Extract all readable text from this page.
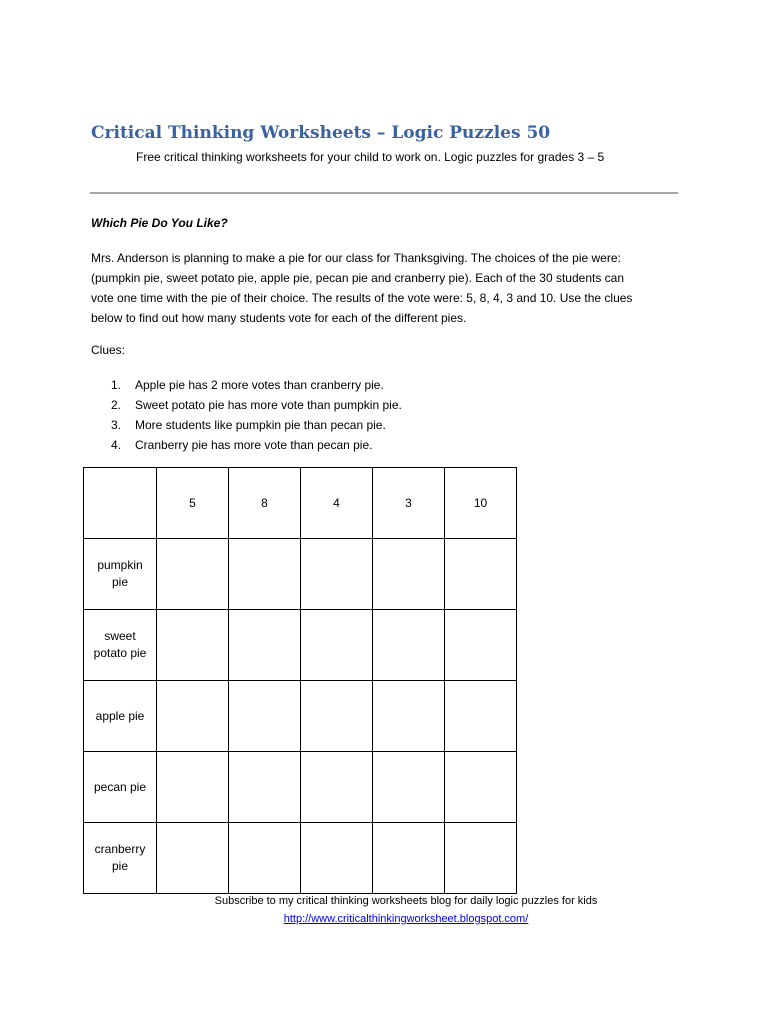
Critical Thinking Worksheets – Logic Puzzles 50
Free critical thinking worksheets for your child to work on. Logic puzzles for grades 3 – 5
Which Pie Do You Like?
Mrs. Anderson is planning to make a pie for our class for Thanksgiving. The choices of the pie were:
(pumpkin pie, sweet potato pie, apple pie, pecan pie and cranberry pie). Each of the 30 students can
vote one time with the pie of their choice. The results of the vote were: 5, 8, 4, 3 and 10. Use the clues
below to find out how many students vote for each of the different pies.
Clues:
1. Apple pie has 2 more votes than cranberry pie.
2. Sweet potato pie has more vote than pumpkin pie.
3. More students like pumpkin pie than pecan pie.
4. Cranberry pie has more vote than pecan pie.
	5	8	4	3	10
pumpkin pie					
sweet potato pie					
apple pie					
pecan pie					
cranberry pie					
Subscribe to my critical thinking worksheets blog for daily logic puzzles for kids
http://www.criticalthinkingworksheet.blogspot.com/
